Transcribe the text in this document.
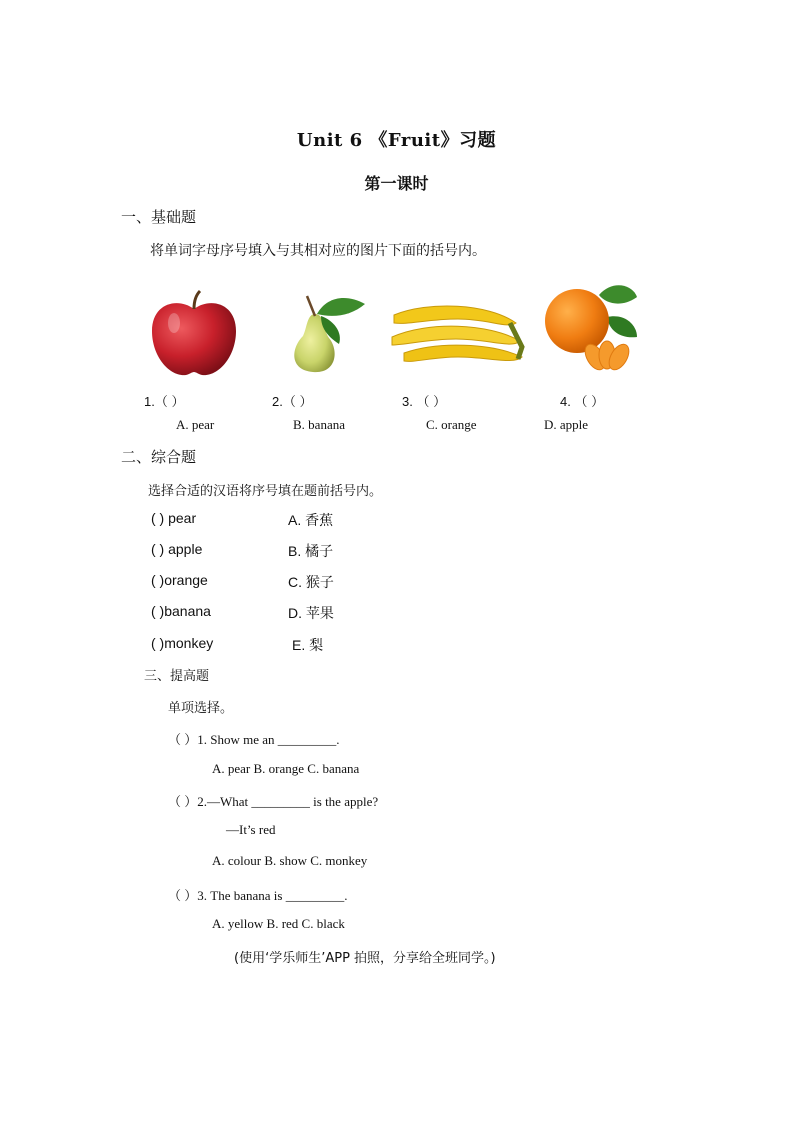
Unit 6 《Fruit》习题
第一课时
一、基础题
将单词字母序号填入与其相对应的图片下面的括号内。
1.（ ）	2.（ ）	3. （ ）	4. （ ）
A. pear	B. banana	C. orange	D. apple
二、综合题
选择合适的汉语将序号填在题前括号内。
( ) pear	A. 香蕉
( ) apple	B. 橘子
( )orange	C. 猴子
( )banana	D. 苹果
( )monkey	E. 梨
三、提高题
单项选择。
（ ）1. Show me an _________.
A. pear B. orange C. banana
（ ）2.—What _________ is the apple?
—It’s red
A. colour B. show C. monkey
（ ）3. The banana is _________.
A. yellow B. red C. black
(使用‘学乐师生’APP 拍照，分享给全班同学。)
